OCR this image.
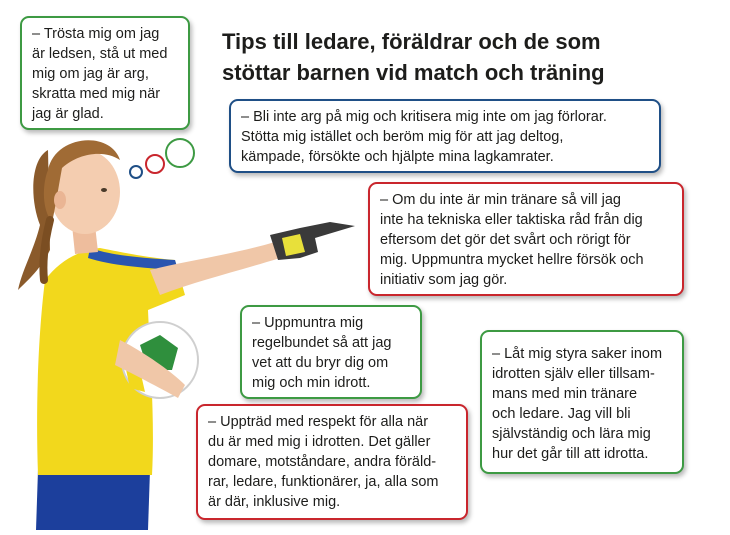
Tips till ledare, föräldrar och de som
stöttar barnen vid match och träning
– Trösta mig om jag
är ledsen, stå ut med
mig om jag är arg,
skratta med mig när
jag är glad.	– Bli inte arg på mig och kritisera mig inte om jag förlorar.
Stötta mig istället och beröm mig för att jag deltog,
kämpade, försökte och hjälpte mina lagkamrater.
– Om du inte är min tränare så vill jag
inte ha tekniska eller taktiska råd från dig
eftersom det gör det svårt och rörigt för
mig. Uppmuntra mycket hellre försök och
initiativ som jag gör.
– Uppmuntra mig
regelbundet så att jag
vet att du bryr dig om
mig och min idrott.
– Låt mig styra saker inom
idrotten själv eller tillsam-
mans med min tränare
och ledare. Jag vill bli
självständig och lära mig
hur det går till att idrotta.
– Uppträd med respekt för alla när
du är med mig i idrotten. Det gäller
domare, motståndare, andra föräld-
rar, ledare, funktionärer, ja, alla som
är där, inklusive mig.
